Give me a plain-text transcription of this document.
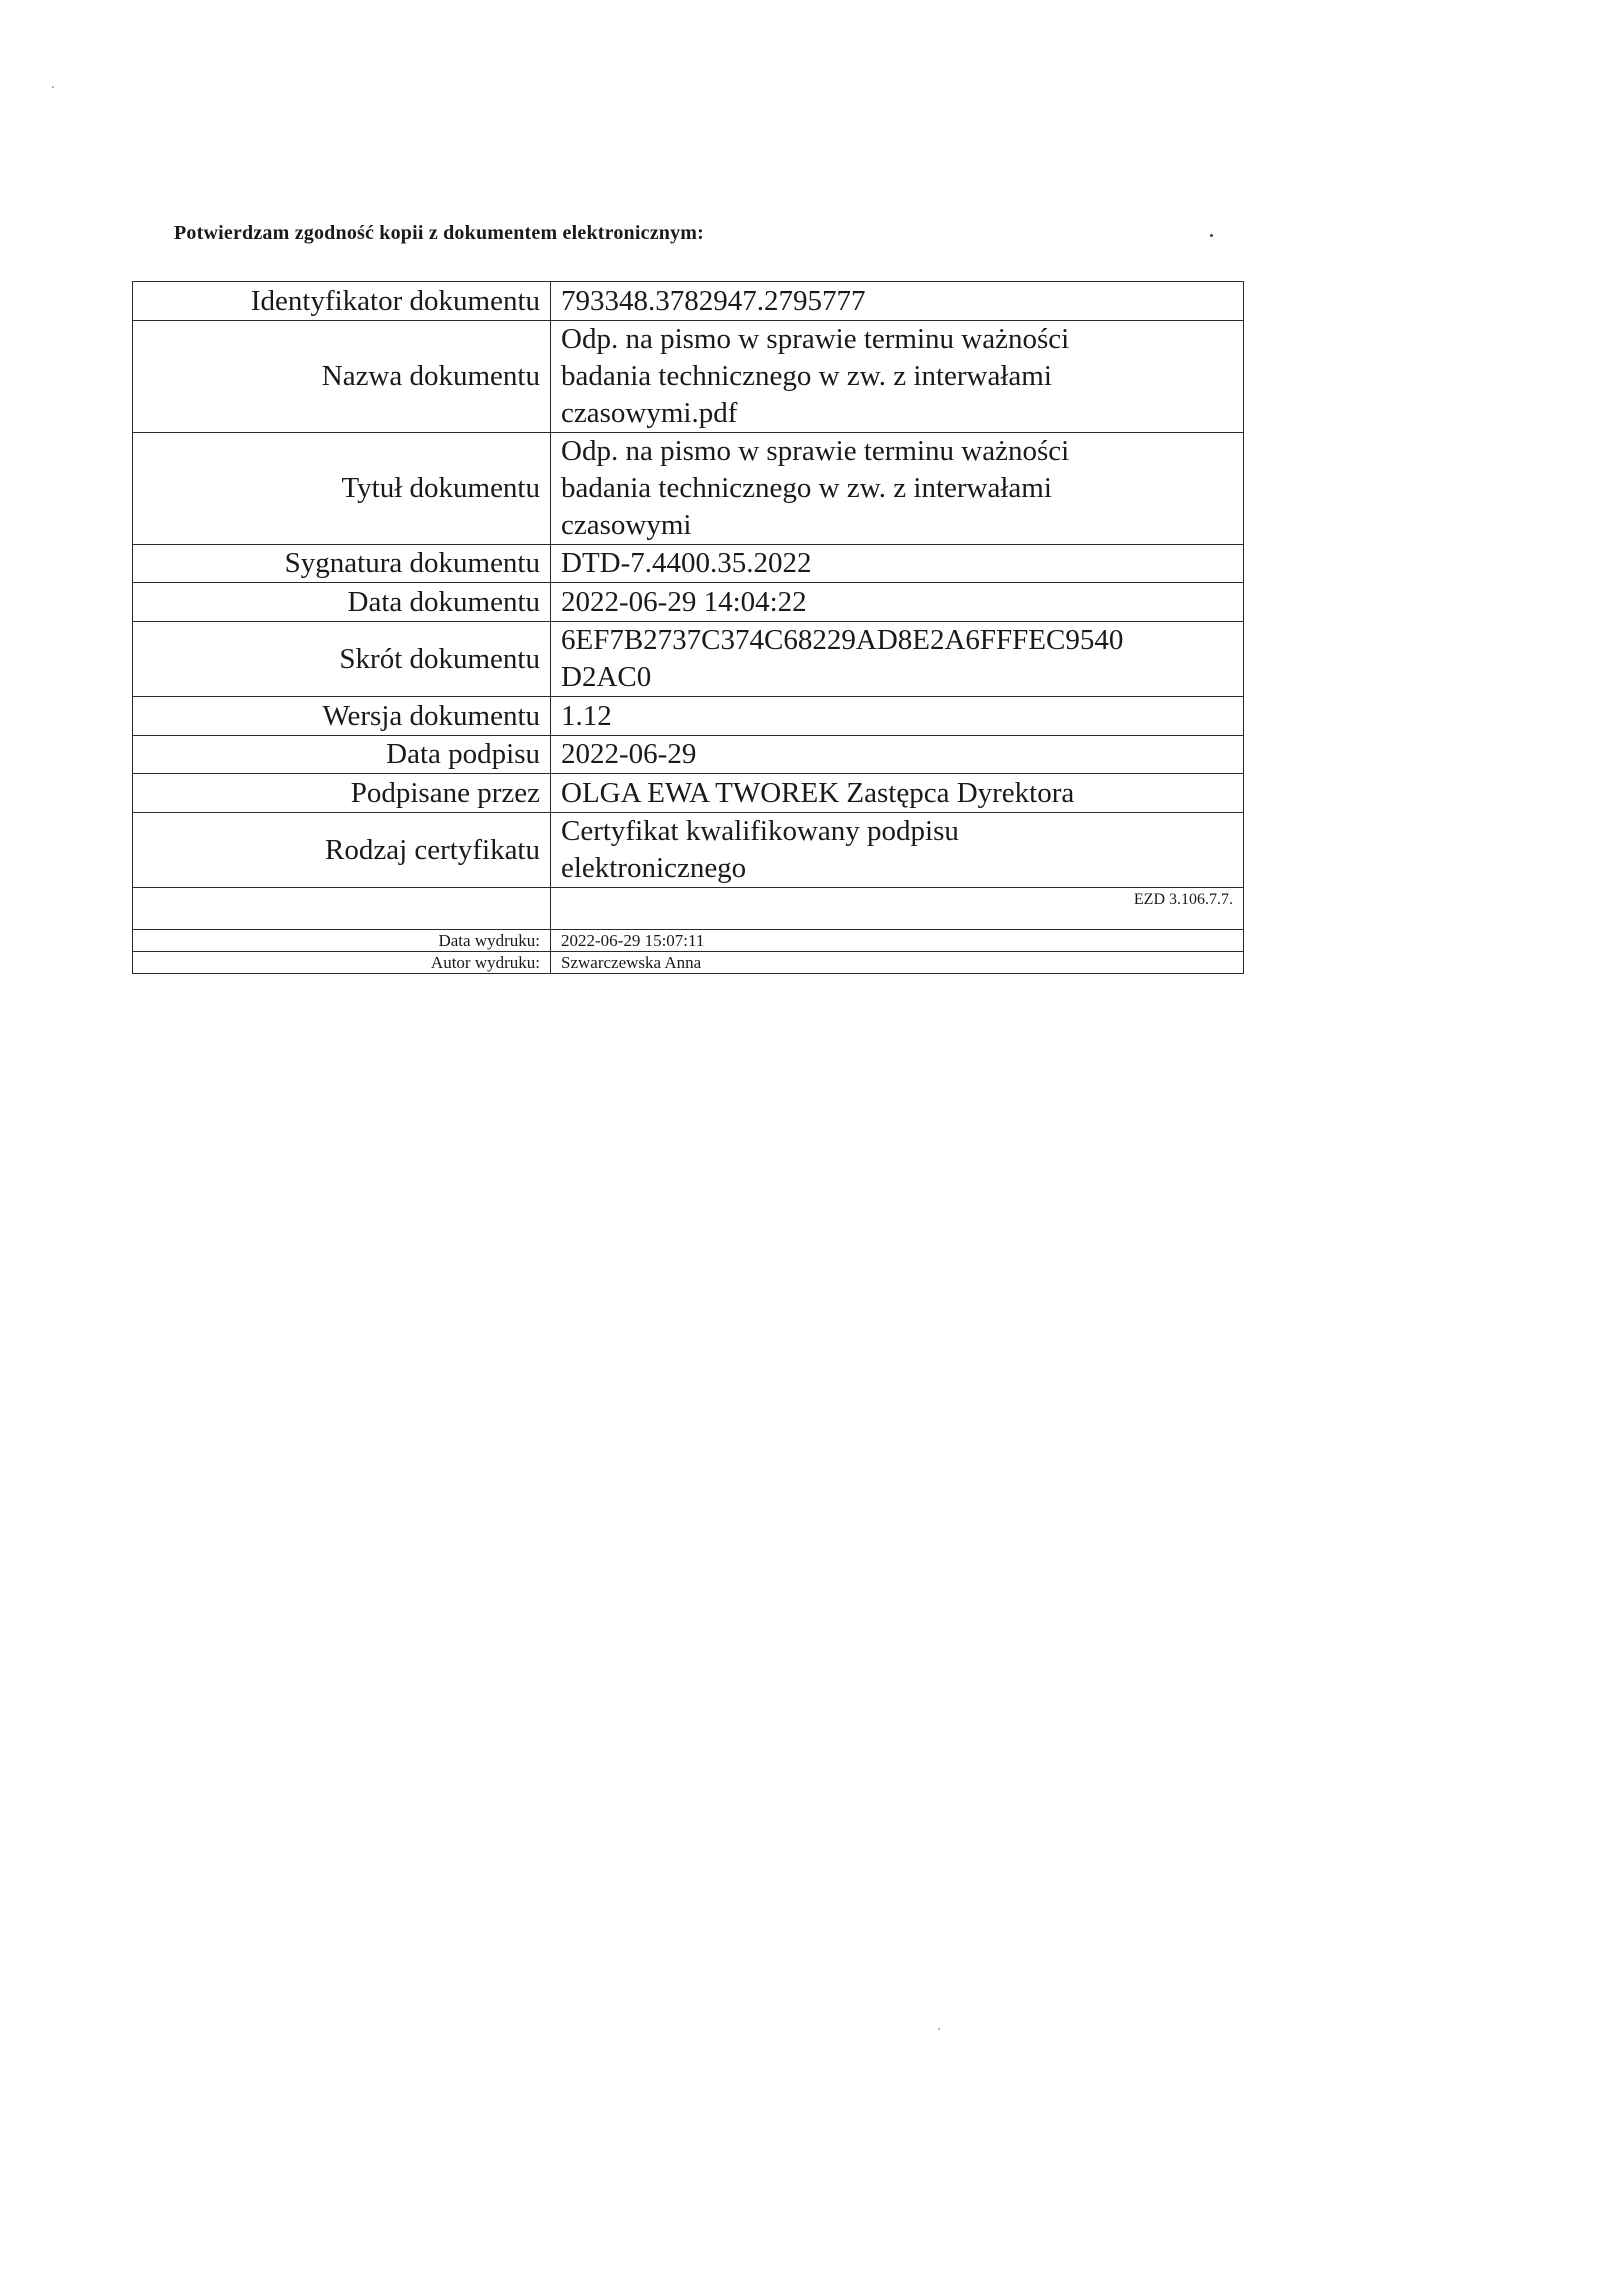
Potwierdzam zgodność kopii z dokumentem elektronicznym:
Identyfikator dokumentu	793348.3782947.2795777
Nazwa dokumentu	Odp. na pismo w sprawie terminu ważności
badania technicznego w zw. z interwałami
czasowymi.pdf

Tytuł dokumentu	Odp. na pismo w sprawie terminu ważności
badania technicznego w zw. z interwałami
czasowymi

Sygnatura dokumentu	DTD-7.4400.35.2022
Data dokumentu	2022-06-29 14:04:22
Skrót dokumentu	6EF7B2737C374C68229AD8E2A6FFFEC9540
D2AC0

Wersja dokumentu	1.12
Data podpisu	2022-06-29
Podpisane przez	OLGA EWA TWOREK Zastępca Dyrektora
Rodzaj certyfikatu	Certyfikat kwalifikowany podpisu
elektronicznego

	EZD 3.106.7.7.
Data wydruku:	2022-06-29 15:07:11
Autor wydruku:	Szwarczewska Anna
